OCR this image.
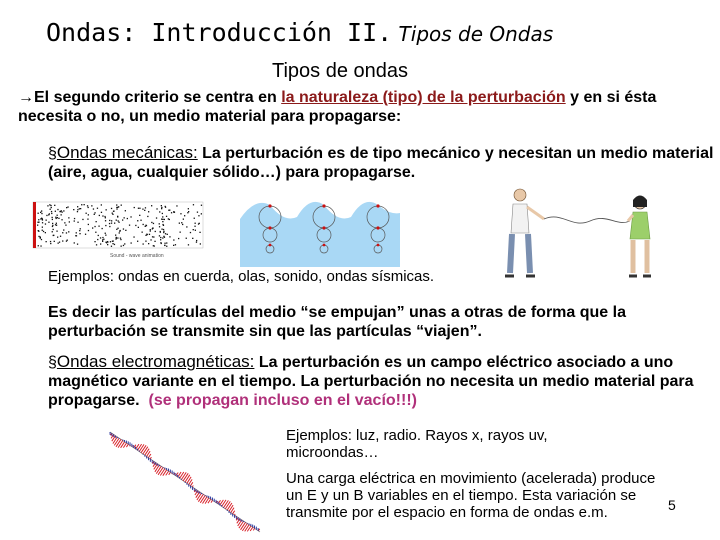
Ondas: Introducción II. Tipos de Ondas
Tipos de ondas
→El segundo criterio se centra en la naturaleza (tipo) de la perturbación y en si ésta necesita o no, un medio material para propagarse:
§Ondas mecánicas: La perturbación es de tipo mecánico y necesitan un medio material (aire, agua, cualquier sólido…) para propagarse.
Sound - wave animation
Ejemplos: ondas en cuerda, olas, sonido, ondas sísmicas.
Es decir las partículas del medio “se empujan” unas a otras de forma que la perturbación se transmite sin que las partículas “viajen”.
§Ondas electromagnéticas: La perturbación es un campo eléctrico asociado a uno magnético variante en el tiempo. La perturbación no necesita un medio material para propagarse. (se propagan incluso en el vacío!!!)
Ejemplos: luz, radio. Rayos x, rayos uv, microondas…
Una carga eléctrica en movimiento (acelerada) produce un E y un B variables en el tiempo. Esta variación se transmite por el espacio en forma de ondas e.m.	5
